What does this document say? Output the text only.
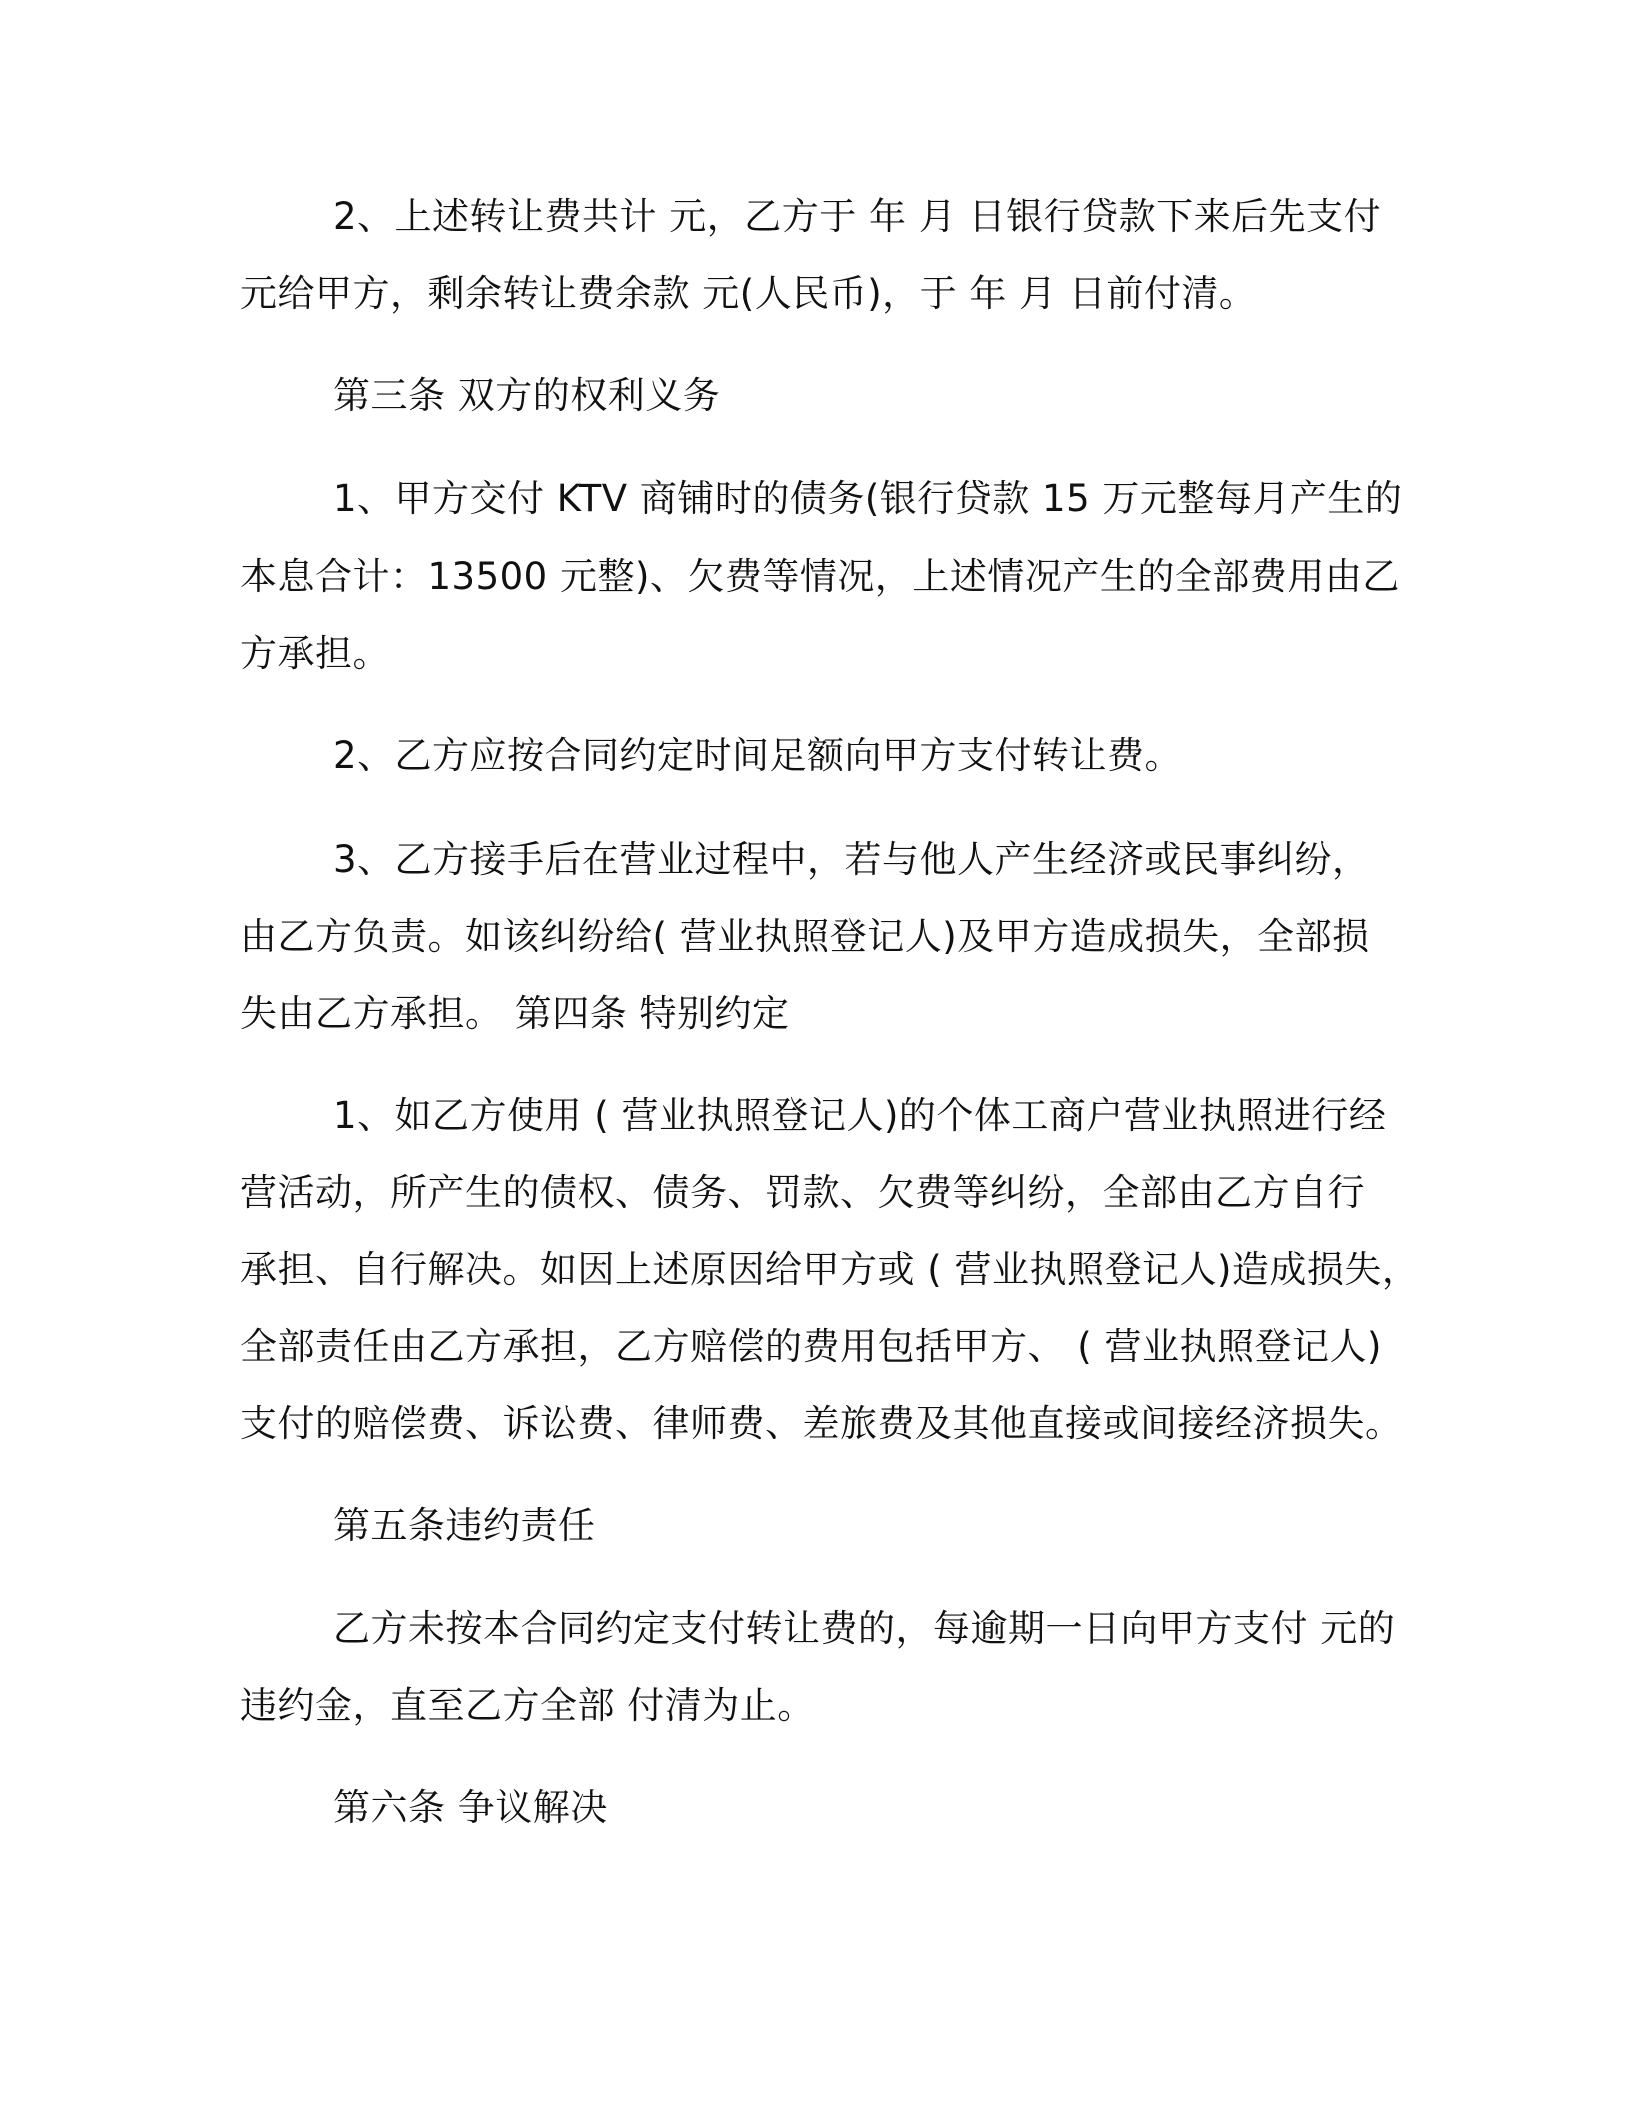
2、上述转让费共计 元，乙方于 年 月 日银行贷款下来后先支付
元给甲方，剩余转让费余款 元(人民币)，于 年 月 日前付清。
第三条 双方的权利义务
1、甲方交付 KTV 商铺时的债务(银行贷款 15 万元整每月产生的
本息合计：13500 元整)、欠费等情况，上述情况产生的全部费用由乙
方承担。
2、乙方应按合同约定时间足额向甲方支付转让费。
3、乙方接手后在营业过程中，若与他人产生经济或民事纠纷，
由乙方负责。如该纠纷给( 营业执照登记人)及甲方造成损失，全部损
失由乙方承担。 第四条 特别约定
1、如乙方使用 ( 营业执照登记人)的个体工商户营业执照进行经
营活动，所产生的债权、债务、罚款、欠费等纠纷，全部由乙方自行
承担、自行解决。如因上述原因给甲方或 ( 营业执照登记人)造成损失，
全部责任由乙方承担，乙方赔偿的费用包括甲方、 ( 营业执照登记人)
支付的赔偿费、诉讼费、律师费、差旅费及其他直接或间接经济损失。
第五条违约责任
乙方未按本合同约定支付转让费的，每逾期一日向甲方支付 元的
违约金，直至乙方全部 付清为止。
第六条 争议解决
